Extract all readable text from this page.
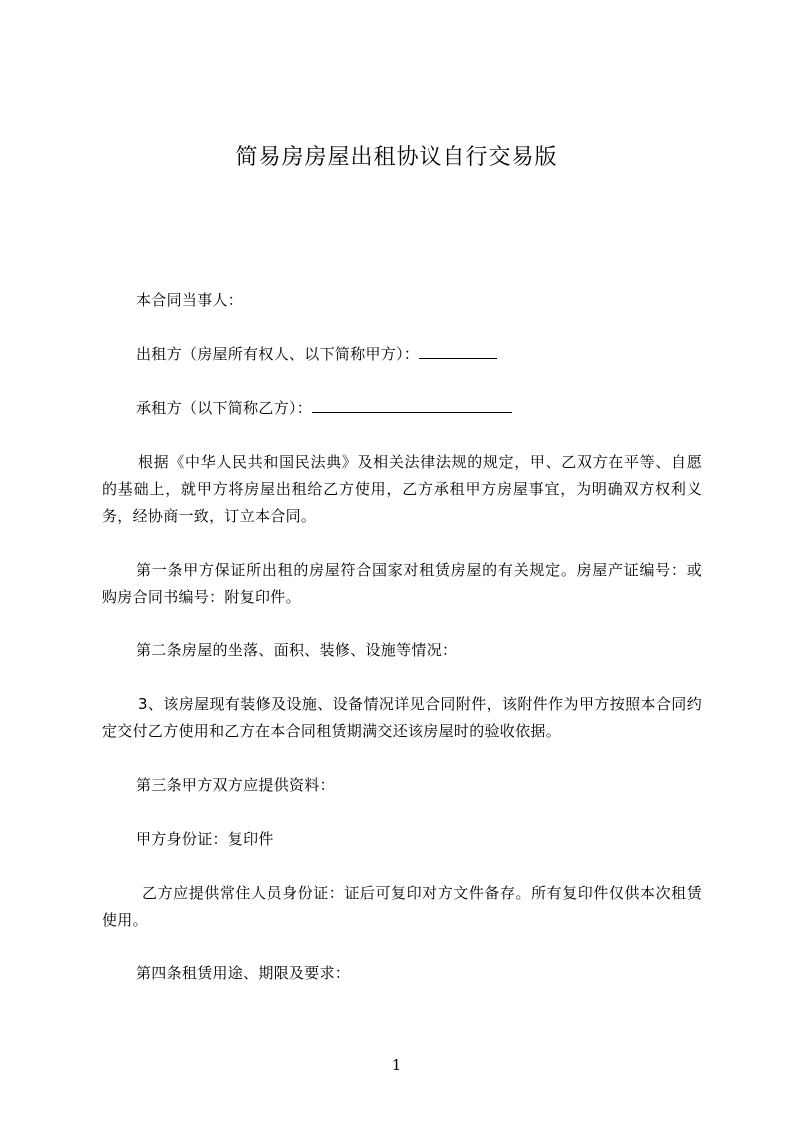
简易房房屋出租协议自行交易版

本合同当事人：

出租方（房屋所有权人、以下简称甲方）：

承租方（以下简称乙方）：

根据《中华人民共和国民法典》及相关法律法规的规定，甲、乙双方在平等、自愿的基础上，就甲方将房屋出租给乙方使用，乙方承租甲方房屋事宜，为明确双方权利义务，经协商一致，订立本合同。

第一条甲方保证所出租的房屋符合国家对租赁房屋的有关规定。房屋产证编号：或购房合同书编号：附复印件。

第二条房屋的坐落、面积、装修、设施等情况：

3、该房屋现有装修及设施、设备情况详见合同附件，该附件作为甲方按照本合同约定交付乙方使用和乙方在本合同租赁期满交还该房屋时的验收依据。

第三条甲方双方应提供资料：

甲方身份证：复印件

乙方应提供常住人员身份证：证后可复印对方文件备存。所有复印件仅供本次租赁使用。

第四条租赁用途、期限及要求：

1
